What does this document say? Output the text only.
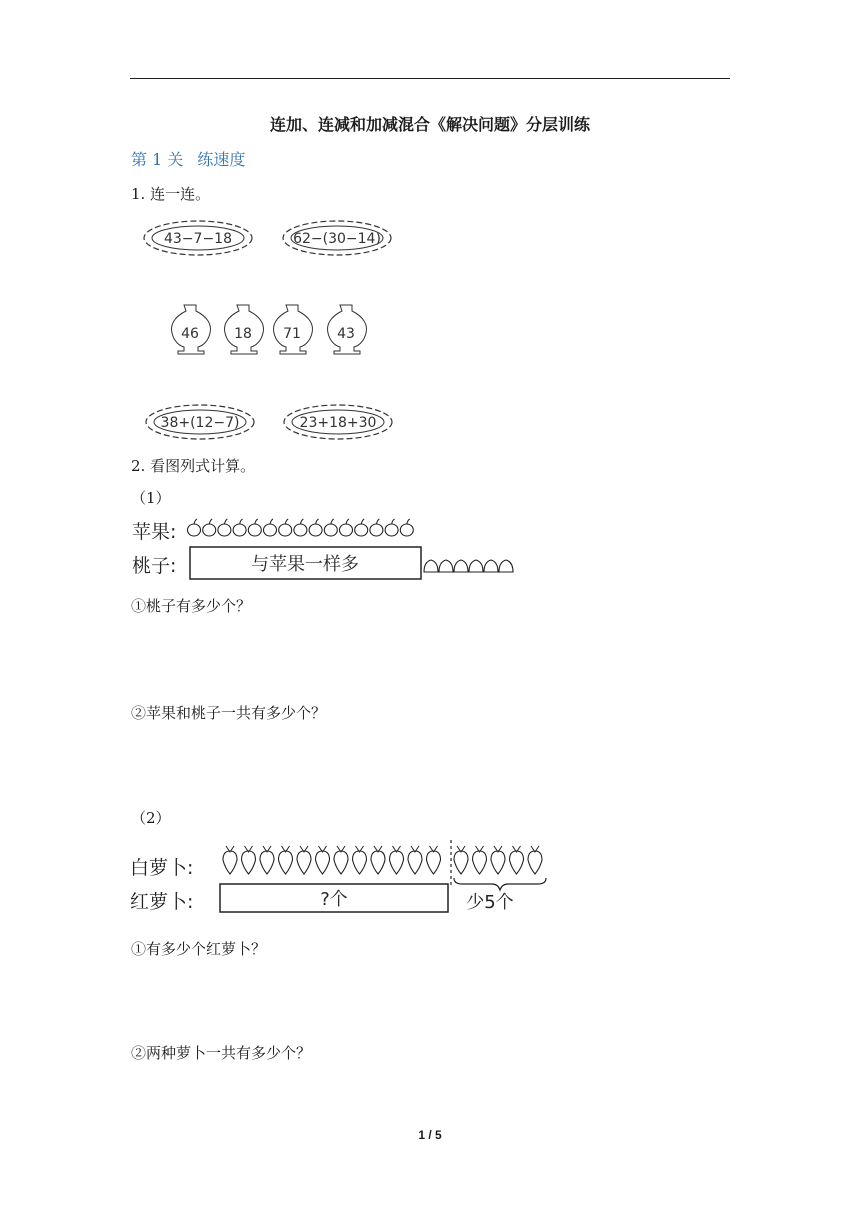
连加、连减和加减混合《解决问题》分层训练
第 1 关 练速度
1. 连一连。
43−7−18	62−(30−14)
46	18 71	43
38+(12−7)	23+18+30
2. 看图列式计算。
（1）
苹果:
桃子:	与苹果一样多
①桃子有多少个？
②苹果和桃子一共有多少个？
（2）
白萝卜:
红萝卜:	?个	少5个
①有多少个红萝卜？
②两种萝卜一共有多少个？
1 / 5
